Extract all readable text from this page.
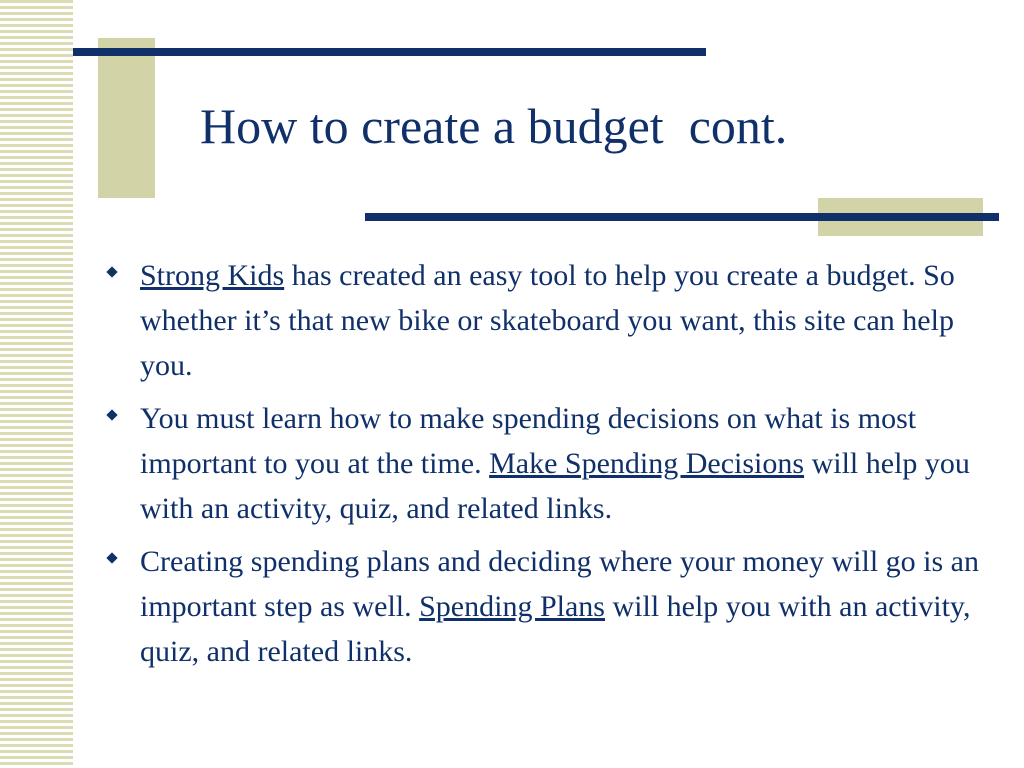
How to create a budget  cont.
Strong Kids has created an easy tool to help you create a budget. So whether it’s that new bike or skateboard you want, this site can help you.
You must learn how to make spending decisions on what is most important to you at the time. Make Spending Decisions will help you with an activity, quiz, and related links.
Creating spending plans and deciding where your money will go is an important step as well. Spending Plans will help you with an activity, quiz, and related links.
